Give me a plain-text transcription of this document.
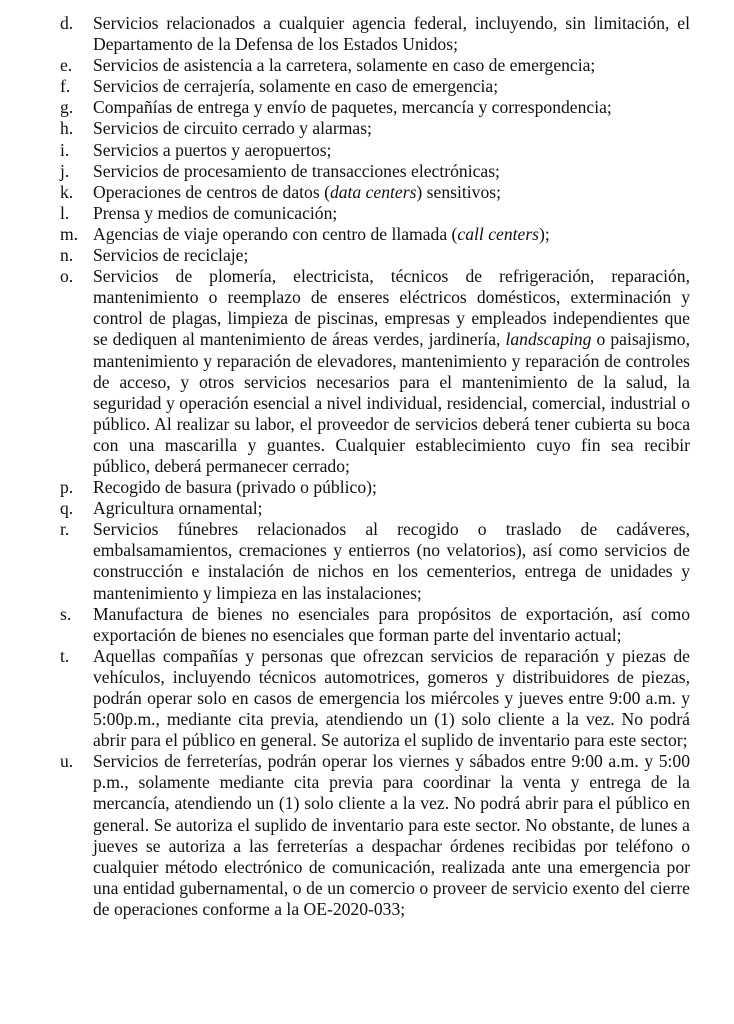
d.	Servicios relacionados a cualquier agencia federal, incluyendo, sin limitación, el Departamento de la Defensa de los Estados Unidos;
e.	Servicios de asistencia a la carretera, solamente en caso de emergencia;
f.	Servicios de cerrajería, solamente en caso de emergencia;
g.	Compañías de entrega y envío de paquetes, mercancía y correspondencia;
h.	Servicios de circuito cerrado y alarmas;
i.	Servicios a puertos y aeropuertos;
j.	Servicios de procesamiento de transacciones electrónicas;
k.	Operaciones de centros de datos (data centers) sensitivos;
l.	Prensa y medios de comunicación;
m. Agencias de viaje operando con centro de llamada (call centers);
n.	Servicios de reciclaje;
o.	Servicios de plomería, electricista, técnicos de refrigeración, reparación, mantenimiento o reemplazo de enseres eléctricos domésticos, exterminación y control de plagas, limpieza de piscinas, empresas y empleados independientes que se dediquen al mantenimiento de áreas verdes, jardinería, landscaping o paisajismo, mantenimiento y reparación de elevadores, mantenimiento y reparación de controles de acceso, y otros servicios necesarios para el mantenimiento de la salud, la seguridad y operación esencial a nivel individual, residencial, comercial, industrial o público. Al realizar su labor, el proveedor de servicios deberá tener cubierta su boca con una mascarilla y guantes. Cualquier establecimiento cuyo fin sea recibir público, deberá permanecer cerrado;
p.	Recogido de basura (privado o público);
q.	Agricultura ornamental;
r.	Servicios fúnebres relacionados al recogido o traslado de cadáveres, embalsamamientos, cremaciones y entierros (no velatorios), así como servicios de construcción e instalación de nichos en los cementerios, entrega de unidades y mantenimiento y limpieza en las instalaciones;
s.	Manufactura de bienes no esenciales para propósitos de exportación, así como exportación de bienes no esenciales que forman parte del inventario actual;
t.	Aquellas compañías y personas que ofrezcan servicios de reparación y piezas de vehículos, incluyendo técnicos automotrices, gomeros y distribuidores de piezas, podrán operar solo en casos de emergencia los miércoles y jueves entre 9:00 a.m. y 5:00p.m., mediante cita previa, atendiendo un (1) solo cliente a la vez. No podrá abrir para el público en general. Se autoriza el suplido de inventario para este sector;
u.	Servicios de ferreterías, podrán operar los viernes y sábados entre 9:00 a.m. y 5:00 p.m., solamente mediante cita previa para coordinar la venta y entrega de la mercancía, atendiendo un (1) solo cliente a la vez. No podrá abrir para el público en general. Se autoriza el suplido de inventario para este sector. No obstante, de lunes a jueves se autoriza a las ferreterías a despachar órdenes recibidas por teléfono o cualquier método electrónico de comunicación, realizada ante una emergencia por una entidad gubernamental, o de un comercio o proveer de servicio exento del cierre de operaciones conforme a la OE-2020-033;
